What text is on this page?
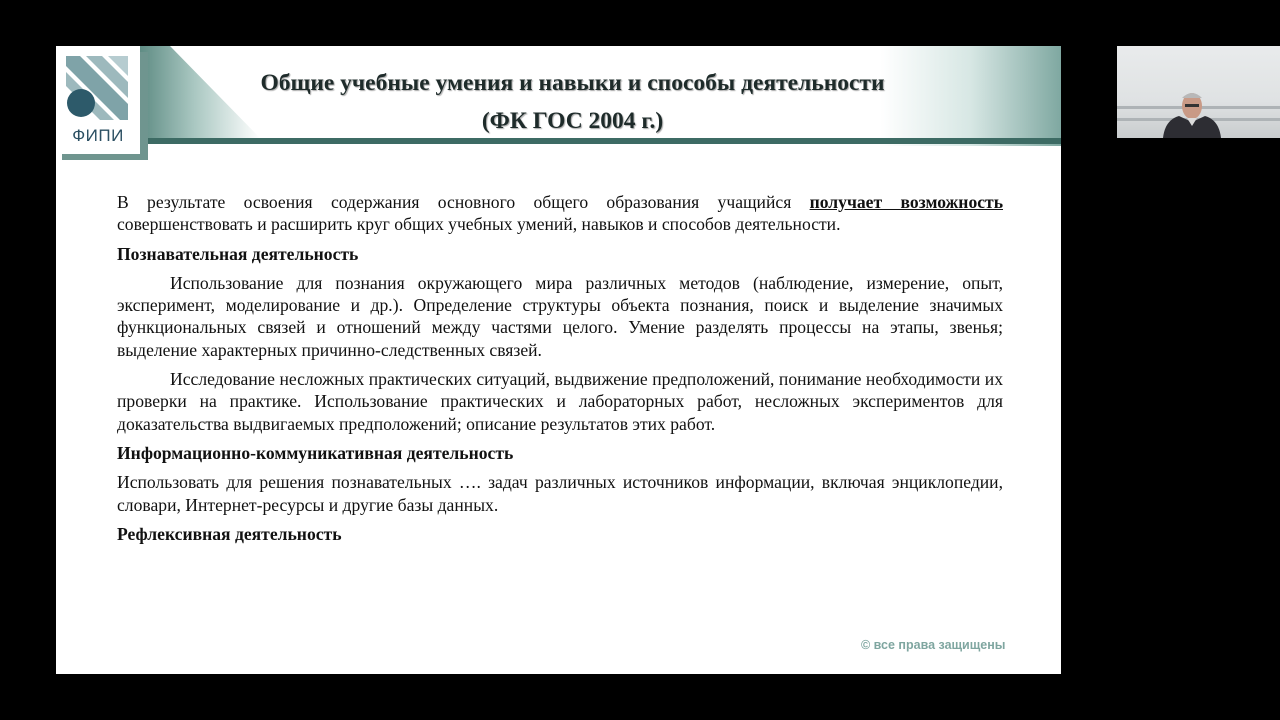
ФИПИ
Общие учебные умения и навыки и способы деятельности
(ФК ГОС 2004 г.)

В результате освоения содержания основного общего образования учащийся получает возможность совершенствовать и расширить круг общих учебных умений, навыков и способов деятельности.

Познавательная деятельность

Использование для познания окружающего мира различных методов (наблюдение, измерение, опыт, эксперимент, моделирование и др.). Определение структуры объекта познания, поиск и выделение значимых функциональных связей и отношений между частями целого. Умение разделять процессы на этапы, звенья; выделение характерных причинно-следственных связей.

Исследование несложных практических ситуаций, выдвижение предположений, понимание необходимости их проверки на практике. Использование практических и лабораторных работ, несложных экспериментов для доказательства выдвигаемых предположений; описание результатов этих работ.

Информационно-коммуникативная деятельность

Использовать для решения познавательных …. задач различных источников информации, включая энциклопедии, словари, Интернет-ресурсы и другие базы данных.

Рефлексивная деятельность
© все права защищены
